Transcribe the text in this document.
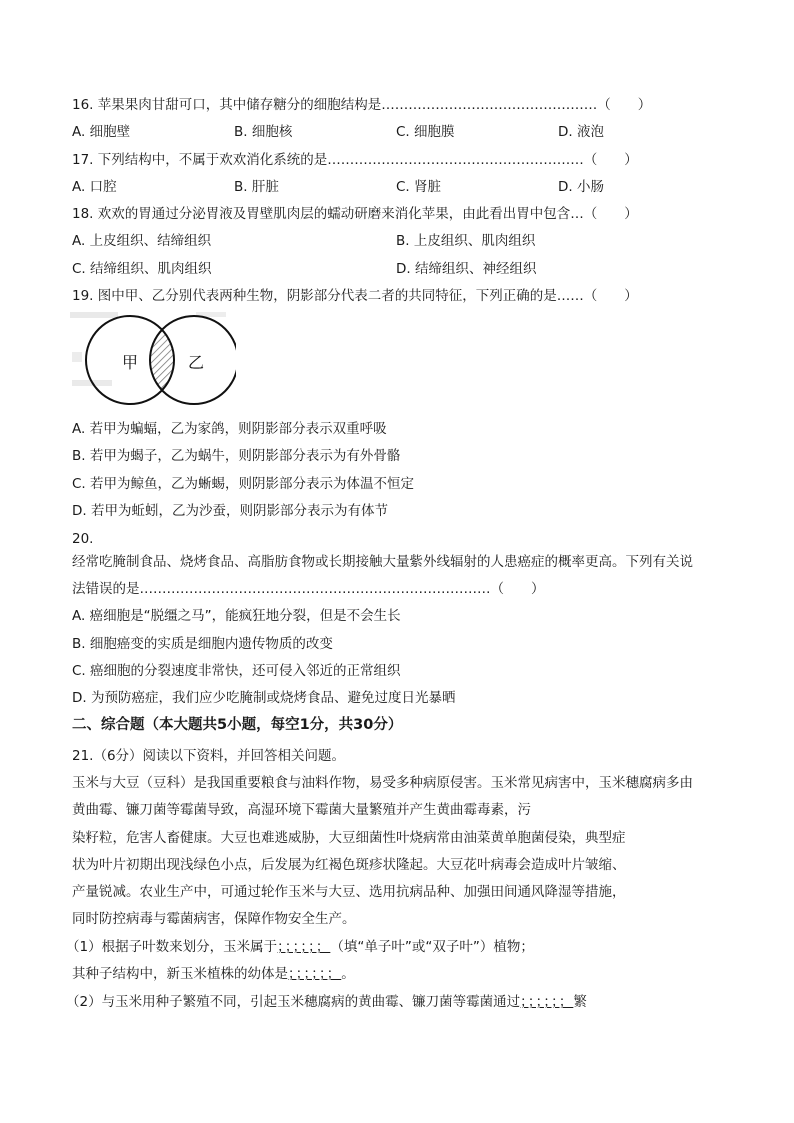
16. 苹果果肉甘甜可口，其中储存糖分的细胞结构是…………………………………………（　　）
A. 细胞壁	B. 细胞核	C. 细胞膜	D. 液泡
17. 下列结构中，不属于欢欢消化系统的是…………………………………………………（　　）
A. 口腔	B. 肝脏	C. 肾脏	D. 小肠
18. 欢欢的胃通过分泌胃液及胃壁肌肉层的蠕动研磨来消化苹果，由此看出胃中包含…（　　）
A. 上皮组织、结缔组织	B. 上皮组织、肌肉组织
C. 结缔组织、肌肉组织	D. 结缔组织、神经组织
19. 图中甲、乙分别代表两种生物，阴影部分代表二者的共同特征，下列正确的是……（　　）
甲	乙
A. 若甲为蝙蝠，乙为家鸽，则阴影部分表示双重呼吸
B. 若甲为蝎子，乙为蜗牛，则阴影部分表示为有外骨骼
C. 若甲为鲸鱼，乙为蜥蜴，则阴影部分表示为体温不恒定
D. 若甲为蚯蚓，乙为沙蚕，则阴影部分表示为有体节
20.
经常吃腌制食品、烧烤食品、高脂肪食物或长期接触大量紫外线辐射的人患癌症的概率更高。下列有关说
法错误的是……………………………………………………………………（　　）
A. 癌细胞是“脱缰之马”，能疯狂地分裂，但是不会生长
B. 细胞癌变的实质是细胞内遗传物质的改变
C. 癌细胞的分裂速度非常快，还可侵入邻近的正常组织
D. 为预防癌症，我们应少吃腌制或烧烤食品、避免过度日光暴晒
二、综合题（本大题共5小题，每空1分，共30分）
21.（6分）阅读以下资料，并回答相关问题。
玉米与大豆（豆科）是我国重要粮食与油料作物，易受多种病原侵害。玉米常见病害中，玉米穗腐病多由
黄曲霉、镰刀菌等霉菌导致，高湿环境下霉菌大量繁殖并产生黄曲霉毒素，污
染籽粒，危害人畜健康。大豆也难逃威胁，大豆细菌性叶烧病常由油菜黄单胞菌侵染，典型症
状为叶片初期出现浅绿色小点，后发展为红褐色斑疹状隆起。大豆花叶病毒会造成叶片皱缩、
产量锐减。农业生产中，可通过轮作玉米与大豆、选用抗病品种、加强田间通风降湿等措施，
同时防控病毒与霉菌病害，保障作物安全生产。
（1）根据子叶数来划分，玉米属于；；；；；；（填“单子叶”或“双子叶”）植物；
其种子结构中，新玉米植株的幼体是；；；；；；。
（2）与玉米用种子繁殖不同，引起玉米穗腐病的黄曲霉、镰刀菌等霉菌通过；；；；；；繁
